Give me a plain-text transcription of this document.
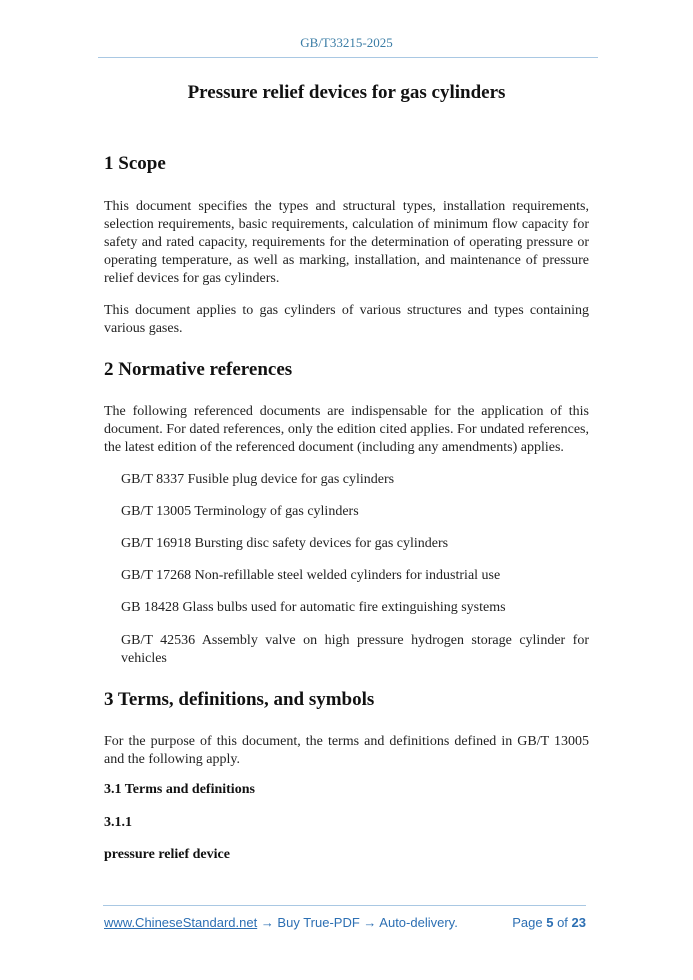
GB/T33215-2025
Pressure relief devices for gas cylinders
1 Scope
This document specifies the types and structural types, installation requirements, selection requirements, basic requirements, calculation of minimum flow capacity for safety and rated capacity, requirements for the determination of operating pressure or operating temperature, as well as marking, installation, and maintenance of pressure relief devices for gas cylinders.
This document applies to gas cylinders of various structures and types containing various gases.
2 Normative references
The following referenced documents are indispensable for the application of this document. For dated references, only the edition cited applies. For undated references, the latest edition of the referenced document (including any amendments) applies.
GB/T 8337 Fusible plug device for gas cylinders
GB/T 13005 Terminology of gas cylinders
GB/T 16918 Bursting disc safety devices for gas cylinders
GB/T 17268 Non-refillable steel welded cylinders for industrial use
GB 18428 Glass bulbs used for automatic fire extinguishing systems
GB/T 42536 Assembly valve on high pressure hydrogen storage cylinder for vehicles
3 Terms, definitions, and symbols
For the purpose of this document, the terms and definitions defined in GB/T 13005 and the following apply.
3.1 Terms and definitions
3.1.1
pressure relief device
www.ChineseStandard.net → Buy True-PDF → Auto-delivery.	Page 5 of 23
